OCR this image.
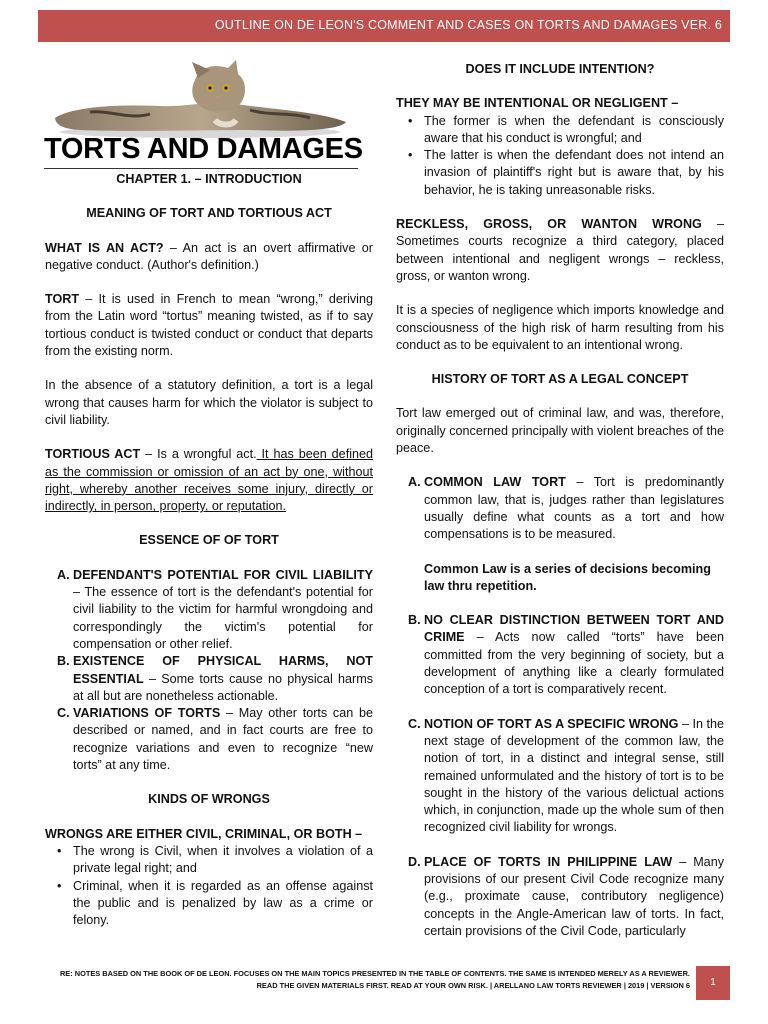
OUTLINE ON DE LEON'S COMMENT AND CASES ON TORTS AND DAMAGES VER. 6
TORTS AND DAMAGES

CHAPTER 1. – INTRODUCTION

MEANING OF TORT AND TORTIOUS ACT

WHAT IS AN ACT? – An act is an overt affirmative or negative conduct. (Author's definition.)

TORT – It is used in French to mean “wrong,” deriving from the Latin word “tortus” meaning twisted, as if to say tortious conduct is twisted conduct or conduct that departs from the existing norm.

In the absence of a statutory definition, a tort is a legal wrong that causes harm for which the violator is subject to civil liability.

TORTIOUS ACT – Is a wrongful act. It has been defined as the commission or omission of an act by one, without right, whereby another receives some injury, directly or indirectly, in person, property, or reputation.

ESSENCE OF OF TORT

A. DEFENDANT'S POTENTIAL FOR CIVIL LIABILITY – The essence of tort is the defendant's potential for civil liability to the victim for harmful wrongdoing and correspondingly the victim's potential for compensation or other relief.
B. EXISTENCE OF PHYSICAL HARMS, NOT ESSENTIAL – Some torts cause no physical harms at all but are nonetheless actionable.
C. VARIATIONS OF TORTS – May other torts can be described or named, and in fact courts are free to recognize variations and even to recognize “new torts” at any time.

KINDS OF WRONGS

WRONGS ARE EITHER CIVIL, CRIMINAL, OR BOTH –

• The wrong is Civil, when it involves a violation of a private legal right; and
• Criminal, when it is regarded as an offense against the public and is penalized by law as a crime or felony.

DOES IT INCLUDE INTENTION?

THEY MAY BE INTENTIONAL OR NEGLIGENT –

• The former is when the defendant is consciously aware that his conduct is wrongful; and
• The latter is when the defendant does not intend an invasion of plaintiff's right but is aware that, by his behavior, he is taking unreasonable risks.

RECKLESS, GROSS, OR WANTON WRONG – Sometimes courts recognize a third category, placed between intentional and negligent wrongs – reckless, gross, or wanton wrong.

It is a species of negligence which imports knowledge and consciousness of the high risk of harm resulting from his conduct as to be equivalent to an intentional wrong.

HISTORY OF TORT AS A LEGAL CONCEPT

Tort law emerged out of criminal law, and was, therefore, originally concerned principally with violent breaches of the peace.

A. COMMON LAW TORT – Tort is predominantly common law, that is, judges rather than legislatures usually define what counts as a tort and how compensations is to be measured.
Common Law is a series of decisions becoming law thru repetition.
B. NO CLEAR DISTINCTION BETWEEN TORT AND CRIME – Acts now called “torts” have been committed from the very beginning of society, but a development of anything like a clearly formulated conception of a tort is comparatively recent.
C. NOTION OF TORT AS A SPECIFIC WRONG – In the next stage of development of the common law, the notion of tort, in a distinct and integral sense, still remained unformulated and the history of tort is to be sought in the history of the various delictual actions which, in conjunction, made up the whole sum of then recognized civil liability for wrongs.
D. PLACE OF TORTS IN PHILIPPINE LAW – Many provisions of our present Civil Code recognize many (e.g., proximate cause, contributory negligence) concepts in the Angle-American law of torts. In fact, certain provisions of the Civil Code, particularly
RE: NOTES BASED ON THE BOOK OF DE LEON. FOCUSES ON THE MAIN TOPICS PRESENTED IN THE TABLE OF CONTENTS. THE SAME IS INTENDED MERELY AS A REVIEWER.
READ THE GIVEN MATERIALS FIRST. READ AT YOUR OWN RISK. | ARELLANO LAW TORTS REVIEWER | 2019 | VERSION 6	1
